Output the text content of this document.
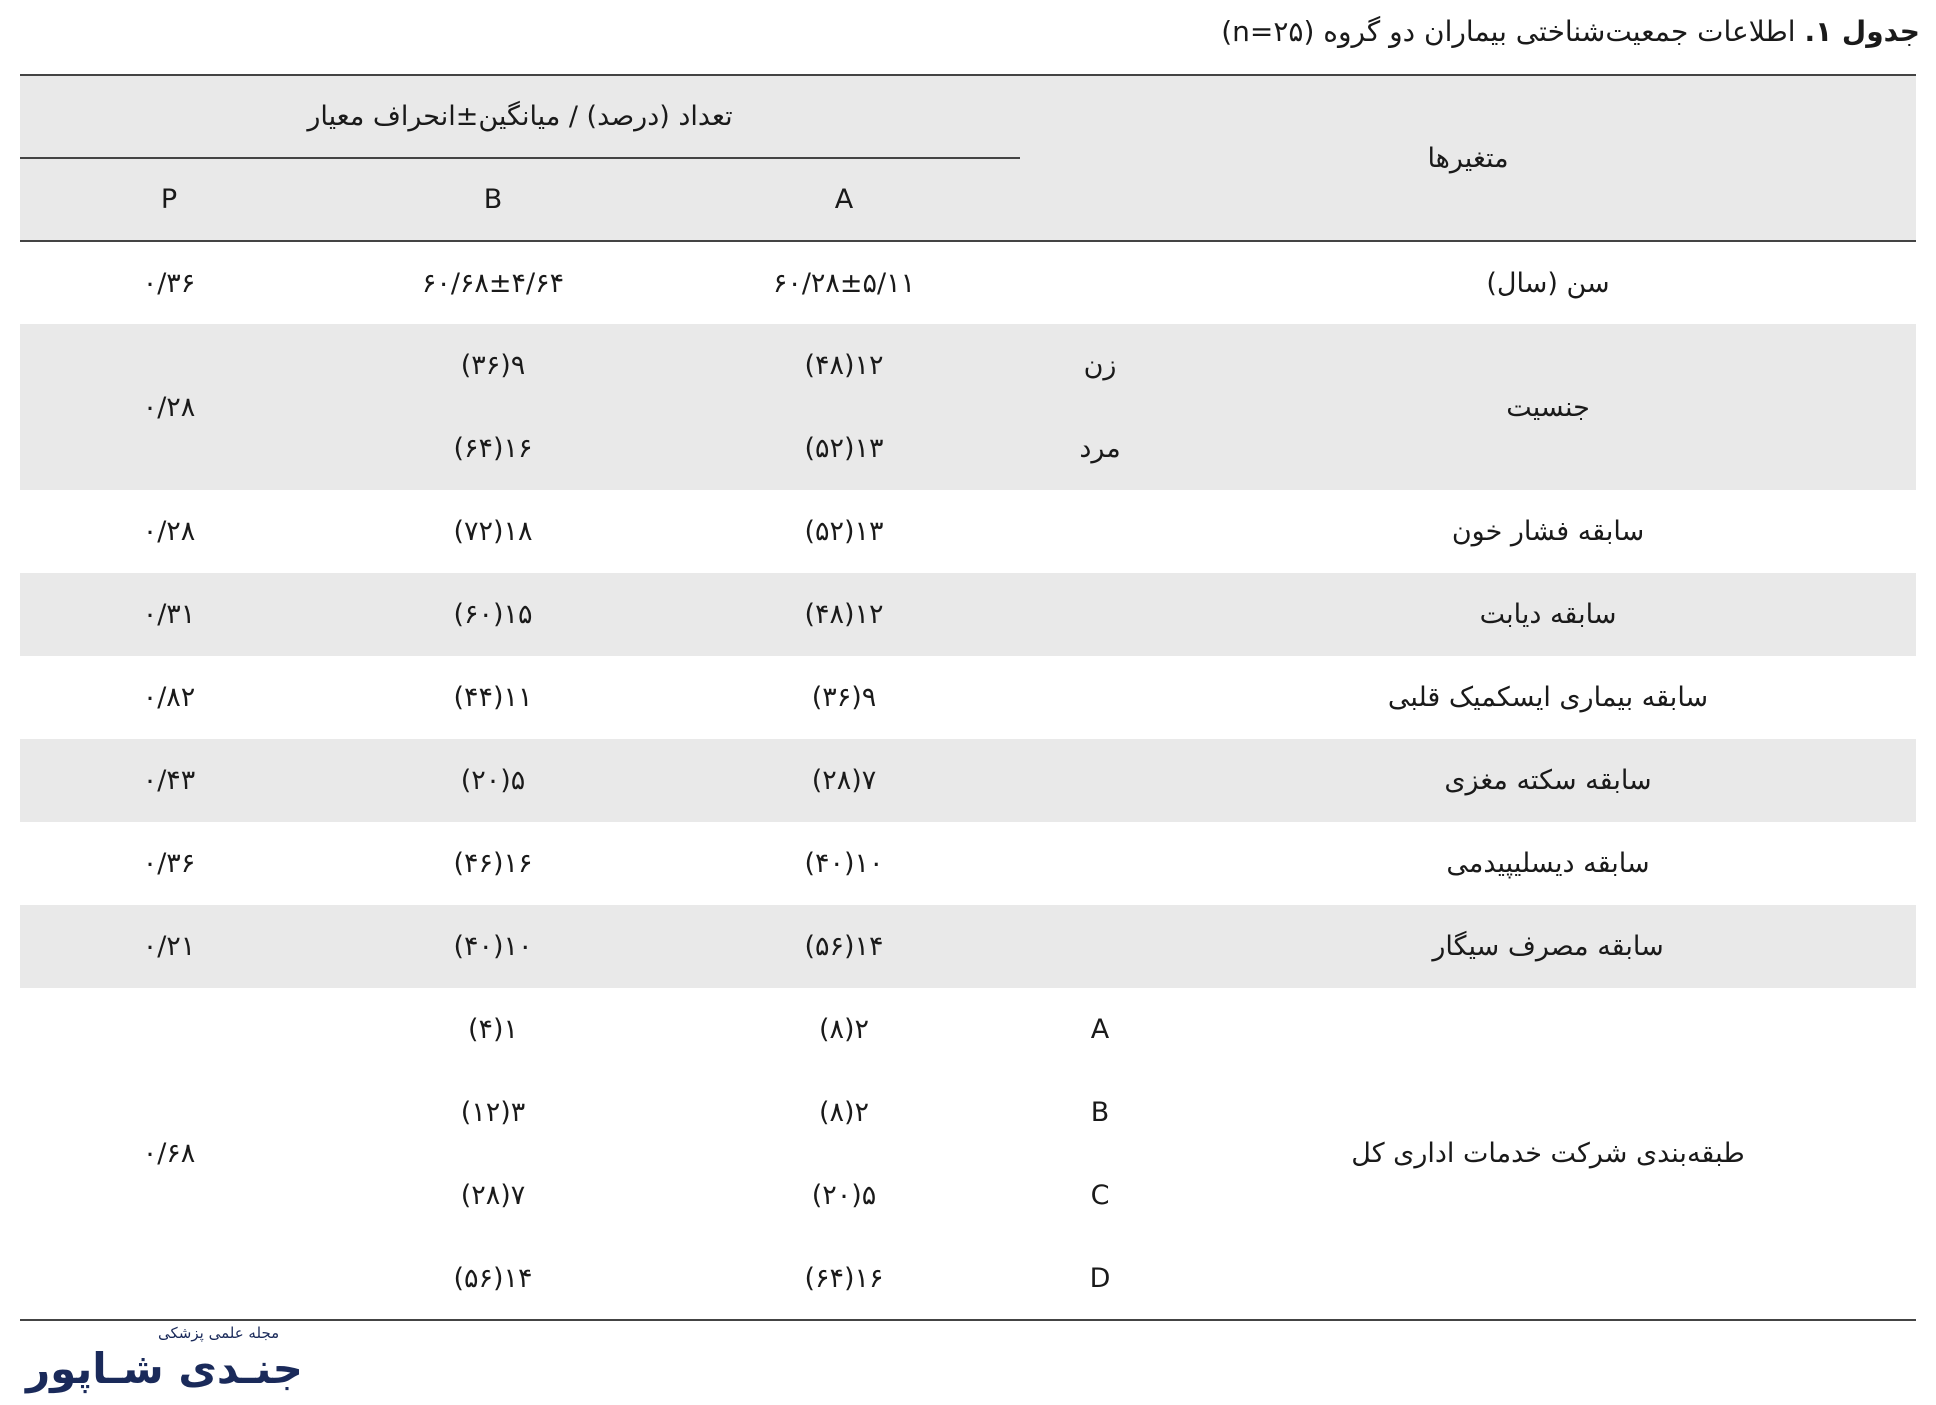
جدول ۱. اطلاعات جمعیت‌شناختی بیماران دو گروه (n=۲۵)
تعداد (درصد) / میانگین±انحراف معیار			متغیرها	
P	B	A		
۰/۳۶	۶۰/۶۸±۴/۶۴	۶۰/۲۸±۵/۱۱		سن (سال)
۰/۲۸	۹(۳۶)	۱۲(۴۸)	زن	جنسیت
	۱۶(۶۴)	۱۳(۵۲)	مرد	
۰/۲۸	۱۸(۷۲)	۱۳(۵۲)		سابقه فشار خون
۰/۳۱	۱۵(۶۰)	۱۲(۴۸)		سابقه دیابت
۰/۸۲	۱۱(۴۴)	۹(۳۶)		سابقه بیماری ایسکمیک قلبی
۰/۴۳	۵(۲۰)	۷(۲۸)		سابقه سکته مغزی
۰/۳۶	۱۶(۴۶)	۱۰(۴۰)		سابقه دیسلیپیدمی
۰/۲۱	۱۰(۴۰)	۱۴(۵۶)		سابقه مصرف سیگار
۰/۶۸	۱(۴)	۲(۸)	A	طبقه‌بندی شرکت خدمات اداری کل
	۳(۱۲)	۲(۸)	B	
	۷(۲۸)	۵(۲۰)	C	
	۱۴(۵۶)	۱۶(۶۴)	D	
مجله علمی پزشکی
جنـدی شـاپور
